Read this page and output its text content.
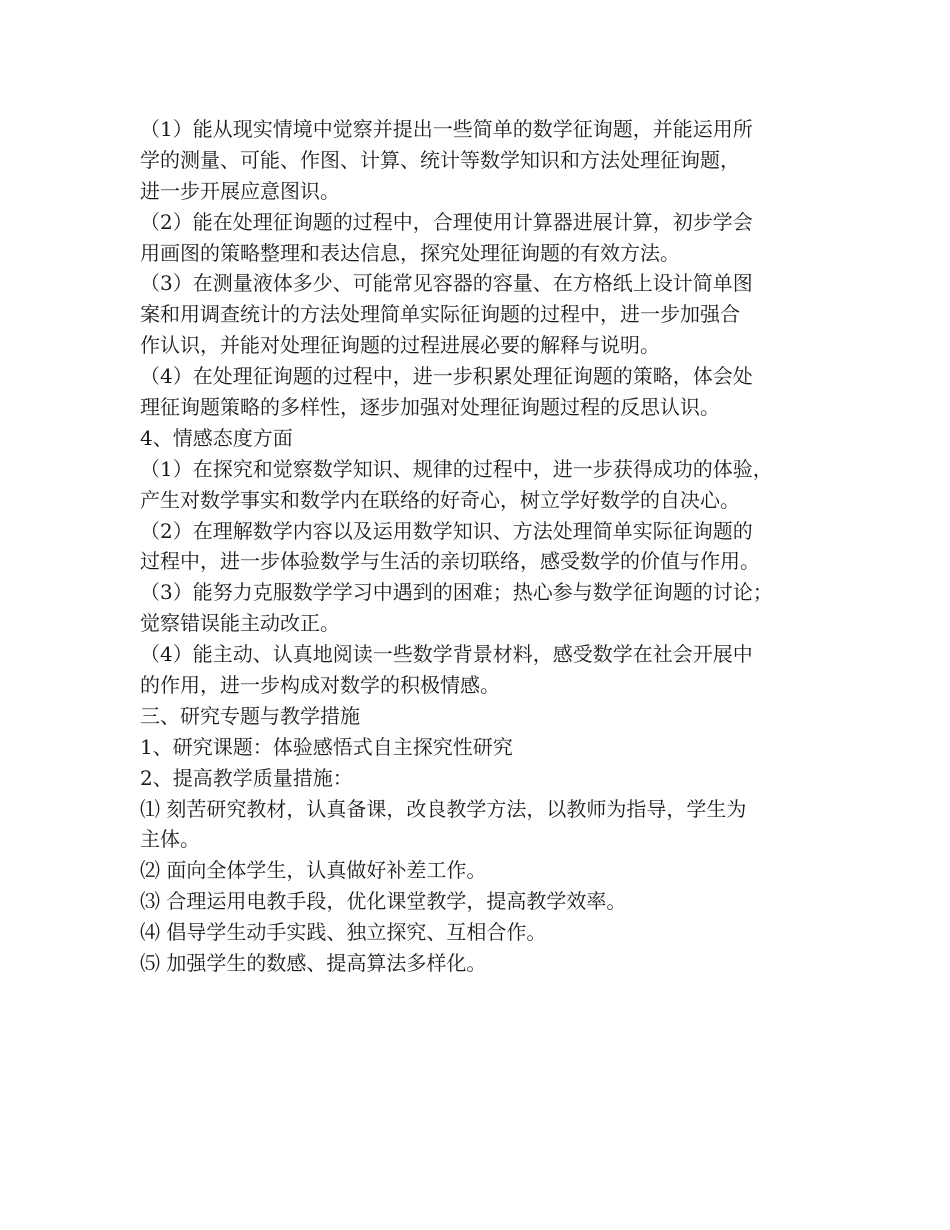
（1）能从现实情境中觉察并提出一些简单的数学征询题，并能运用所

学的测量、可能、作图、计算、统计等数学知识和方法处理征询题，

进一步开展应意图识。

（2）能在处理征询题的过程中，合理使用计算器进展计算，初步学会

用画图的策略整理和表达信息，探究处理征询题的有效方法。

（3）在测量液体多少、可能常见容器的容量、在方格纸上设计简单图

案和用调查统计的方法处理简单实际征询题的过程中，进一步加强合

作认识，并能对处理征询题的过程进展必要的解释与说明。

（4）在处理征询题的过程中，进一步积累处理征询题的策略，体会处

理征询题策略的多样性，逐步加强对处理征询题过程的反思认识。

4、情感态度方面

（1）在探究和觉察数学知识、规律的过程中，进一步获得成功的体验，

产生对数学事实和数学内在联络的好奇心，树立学好数学的自决心。

（2）在理解数学内容以及运用数学知识、方法处理简单实际征询题的

过程中，进一步体验数学与生活的亲切联络，感受数学的价值与作用。

（3）能努力克服数学学习中遇到的困难；热心参与数学征询题的讨论；

觉察错误能主动改正。

（4）能主动、认真地阅读一些数学背景材料，感受数学在社会开展中

的作用，进一步构成对数学的积极情感。

三、研究专题与教学措施

1、研究课题：体验感悟式自主探究性研究

2、提高教学质量措施：

⑴ 刻苦研究教材，认真备课，改良教学方法，以教师为指导，学生为

主体。

⑵ 面向全体学生，认真做好补差工作。

⑶ 合理运用电教手段，优化课堂教学，提高教学效率。

⑷ 倡导学生动手实践、独立探究、互相合作。

⑸ 加强学生的数感、提高算法多样化。
